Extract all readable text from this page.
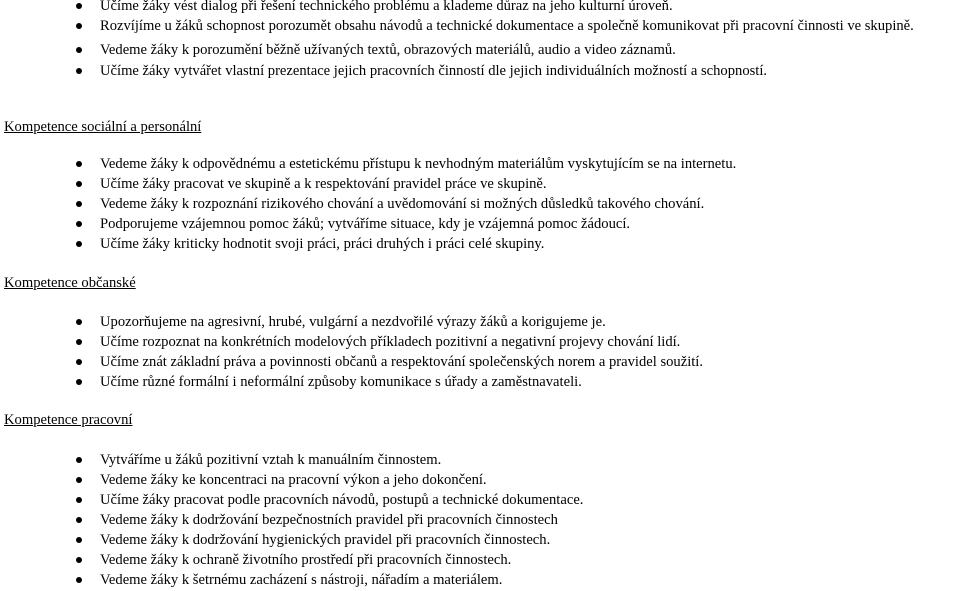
Učíme žáky vést dialog při řešení technického problému a klademe důraz na jeho kulturní úroveň.
Rozvíjíme u žáků schopnost porozumět obsahu návodů a technické dokumentace a společně komunikovat při pracovní činnosti ve skupině.
Vedeme žáky k porozumění běžně užívaných textů, obrazových materiálů, audio a video záznamů.
Učíme žáky vytvářet vlastní prezentace jejich pracovních činností dle jejich individuálních možností a schopností.
Kompetence sociální a personální
Vedeme žáky k odpovědnému a estetickému přístupu k nevhodným materiálům vyskytujícím se na internetu.
Učíme žáky pracovat ve skupině a k respektování pravidel práce ve skupině.
Vedeme žáky k rozpoznání rizikového chování a uvědomování si možných důsledků takového chování.
Podporujeme vzájemnou pomoc žáků; vytváříme situace, kdy je vzájemná pomoc žádoucí.
Učíme žáky kriticky hodnotit svoji práci, práci druhých i práci celé skupiny.
Kompetence občanské
Upozorňujeme na agresivní, hrubé, vulgární a nezdvořilé výrazy žáků a korigujeme je.
Učíme rozpoznat na konkrétních modelových příkladech pozitivní a negativní projevy chování lidí.
Učíme znát základní práva a povinnosti občanů a respektování společenských norem a pravidel soužití.
Učíme různé formální i neformální způsoby komunikace s úřady a zaměstnavateli.
Kompetence pracovní
Vytváříme u žáků pozitivní vztah k manuálním činnostem.
Vedeme žáky ke koncentraci na pracovní výkon a jeho dokončení.
Učíme žáky pracovat podle pracovních návodů, postupů a technické dokumentace.
Vedeme žáky k dodržování bezpečnostních pravidel při pracovních činnostech
Vedeme žáky k dodržování hygienických pravidel při pracovních činnostech.
Vedeme žáky k ochraně životního prostředí při pracovních činnostech.
Vedeme žáky k šetrnému zacházení s nástroji, nářadím a materiálem.
